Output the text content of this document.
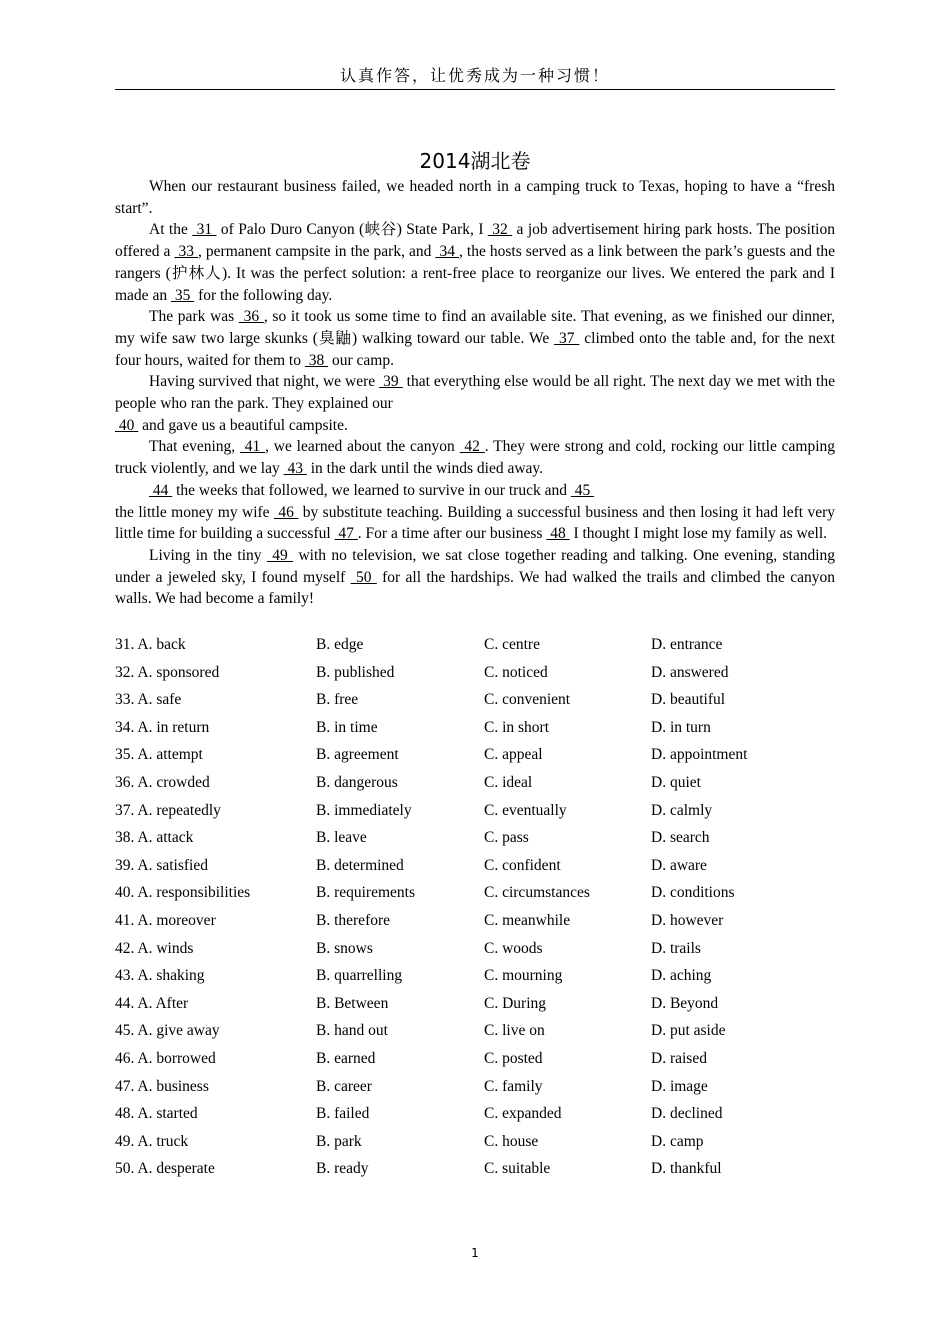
认真作答，让优秀成为一种习惯！
2014湖北卷

When our restaurant business failed, we headed north in a camping truck to Texas, hoping to have a “fresh start”.

At the  31  of Palo Duro Canyon (峡谷) State Park, I  32  a job advertisement hiring park hosts. The position offered a  33 , permanent campsite in the park, and  34 , the hosts served as a link between the park’s guests and the rangers (护林人). It was the perfect solution: a rent-free place to reorganize our lives. We entered the park and I made an  35  for the following day.

The park was  36 , so it took us some time to find an available site. That evening, as we finished our dinner, my wife saw two large skunks (臭鼬) walking toward our table. We  37  climbed onto the table and, for the next four hours, waited for them to  38  our camp.

Having survived that night, we were  39  that everything else would be all right. The next day we met with the people who ran the park. They explained our

40  and gave us a beautiful campsite.

That evening,  41 , we learned about the canyon  42 . They were strong and cold, rocking our little camping truck violently, and we lay  43  in the dark until the winds died away.

44  the weeks that followed, we learned to survive in our truck and  45

the little money my wife  46  by substitute teaching. Building a successful business and then losing it had left very little time for building a successful  47 . For a time after our business  48  I thought I might lose my family as well.

Living in the tiny  49  with no television, we sat close together reading and talking. One evening, standing under a jeweled sky, I found myself  50  for all the hardships. We had walked the trails and climbed the canyon walls. We had become a family!

31. A. back	B. edge	C. centre	D. entrance
32. A. sponsored	B. published	C. noticed	D. answered
33. A. safe	B. free	C. convenient	D. beautiful
34. A. in return	B. in time	C. in short	D. in turn
35. A. attempt	B. agreement	C. appeal	D. appointment
36. A. crowded	B. dangerous	C. ideal	D. quiet
37. A. repeatedly	B. immediately	C. eventually	D. calmly
38. A. attack	B. leave	C. pass	D. search
39. A. satisfied	B. determined	C. confident	D. aware
40. A. responsibilities	B. requirements	C. circumstances	D. conditions
41. A. moreover	B. therefore	C. meanwhile	D. however
42. A. winds	B. snows	C. woods	D. trails
43. A. shaking	B. quarrelling	C. mourning	D. aching
44. A. After	B. Between	C. During	D. Beyond
45. A. give away	B. hand out	C. live on	D. put aside
46. A. borrowed	B. earned	C. posted	D. raised
47. A. business	B. career	C. family	D. image
48. A. started	B. failed	C. expanded	D. declined
49. A. truck	B. park	C. house	D. camp
50. A. desperate	B. ready	C. suitable	D. thankful
1
